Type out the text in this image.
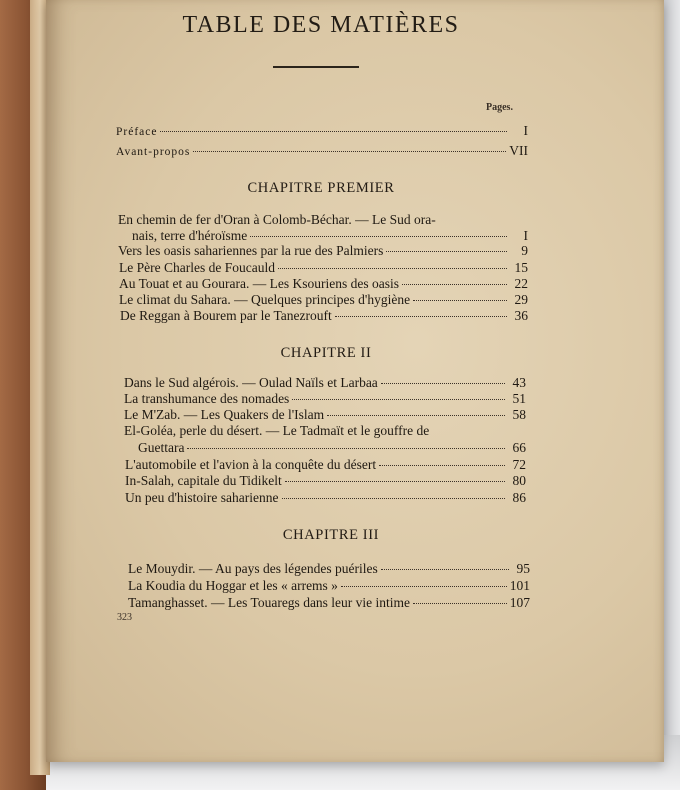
TABLE DES MATIÈRES
Pages.
Préface	I
Avant-propos	VII
CHAPITRE PREMIER
En chemin de fer d'Oran à Colomb-Béchar. — Le Sud ora-
nais, terre d'héroïsme	I
Vers les oasis sahariennes par la rue des Palmiers	9
Le Père Charles de Foucauld	15
Au Touat et au Gourara. — Les Ksouriens des oasis	22
Le climat du Sahara. — Quelques principes d'hygiène	29
De Reggan à Bourem par le Tanezrouft	36
CHAPITRE II
Dans le Sud algérois. — Oulad Naïls et Larbaa	43
La transhumance des nomades	51
Le M'Zab. — Les Quakers de l'Islam	58
El-Goléa, perle du désert. — Le Tadmaït et le gouffre de
Guettara	66
L'automobile et l'avion à la conquête du désert	72
In-Salah, capitale du Tidikelt	80
Un peu d'histoire saharienne	86
CHAPITRE III
Le Mouydir. — Au pays des légendes puériles	95
La Koudia du Hoggar et les « arrems »	101
Tamanghasset. — Les Touaregs dans leur vie intime	107
323
